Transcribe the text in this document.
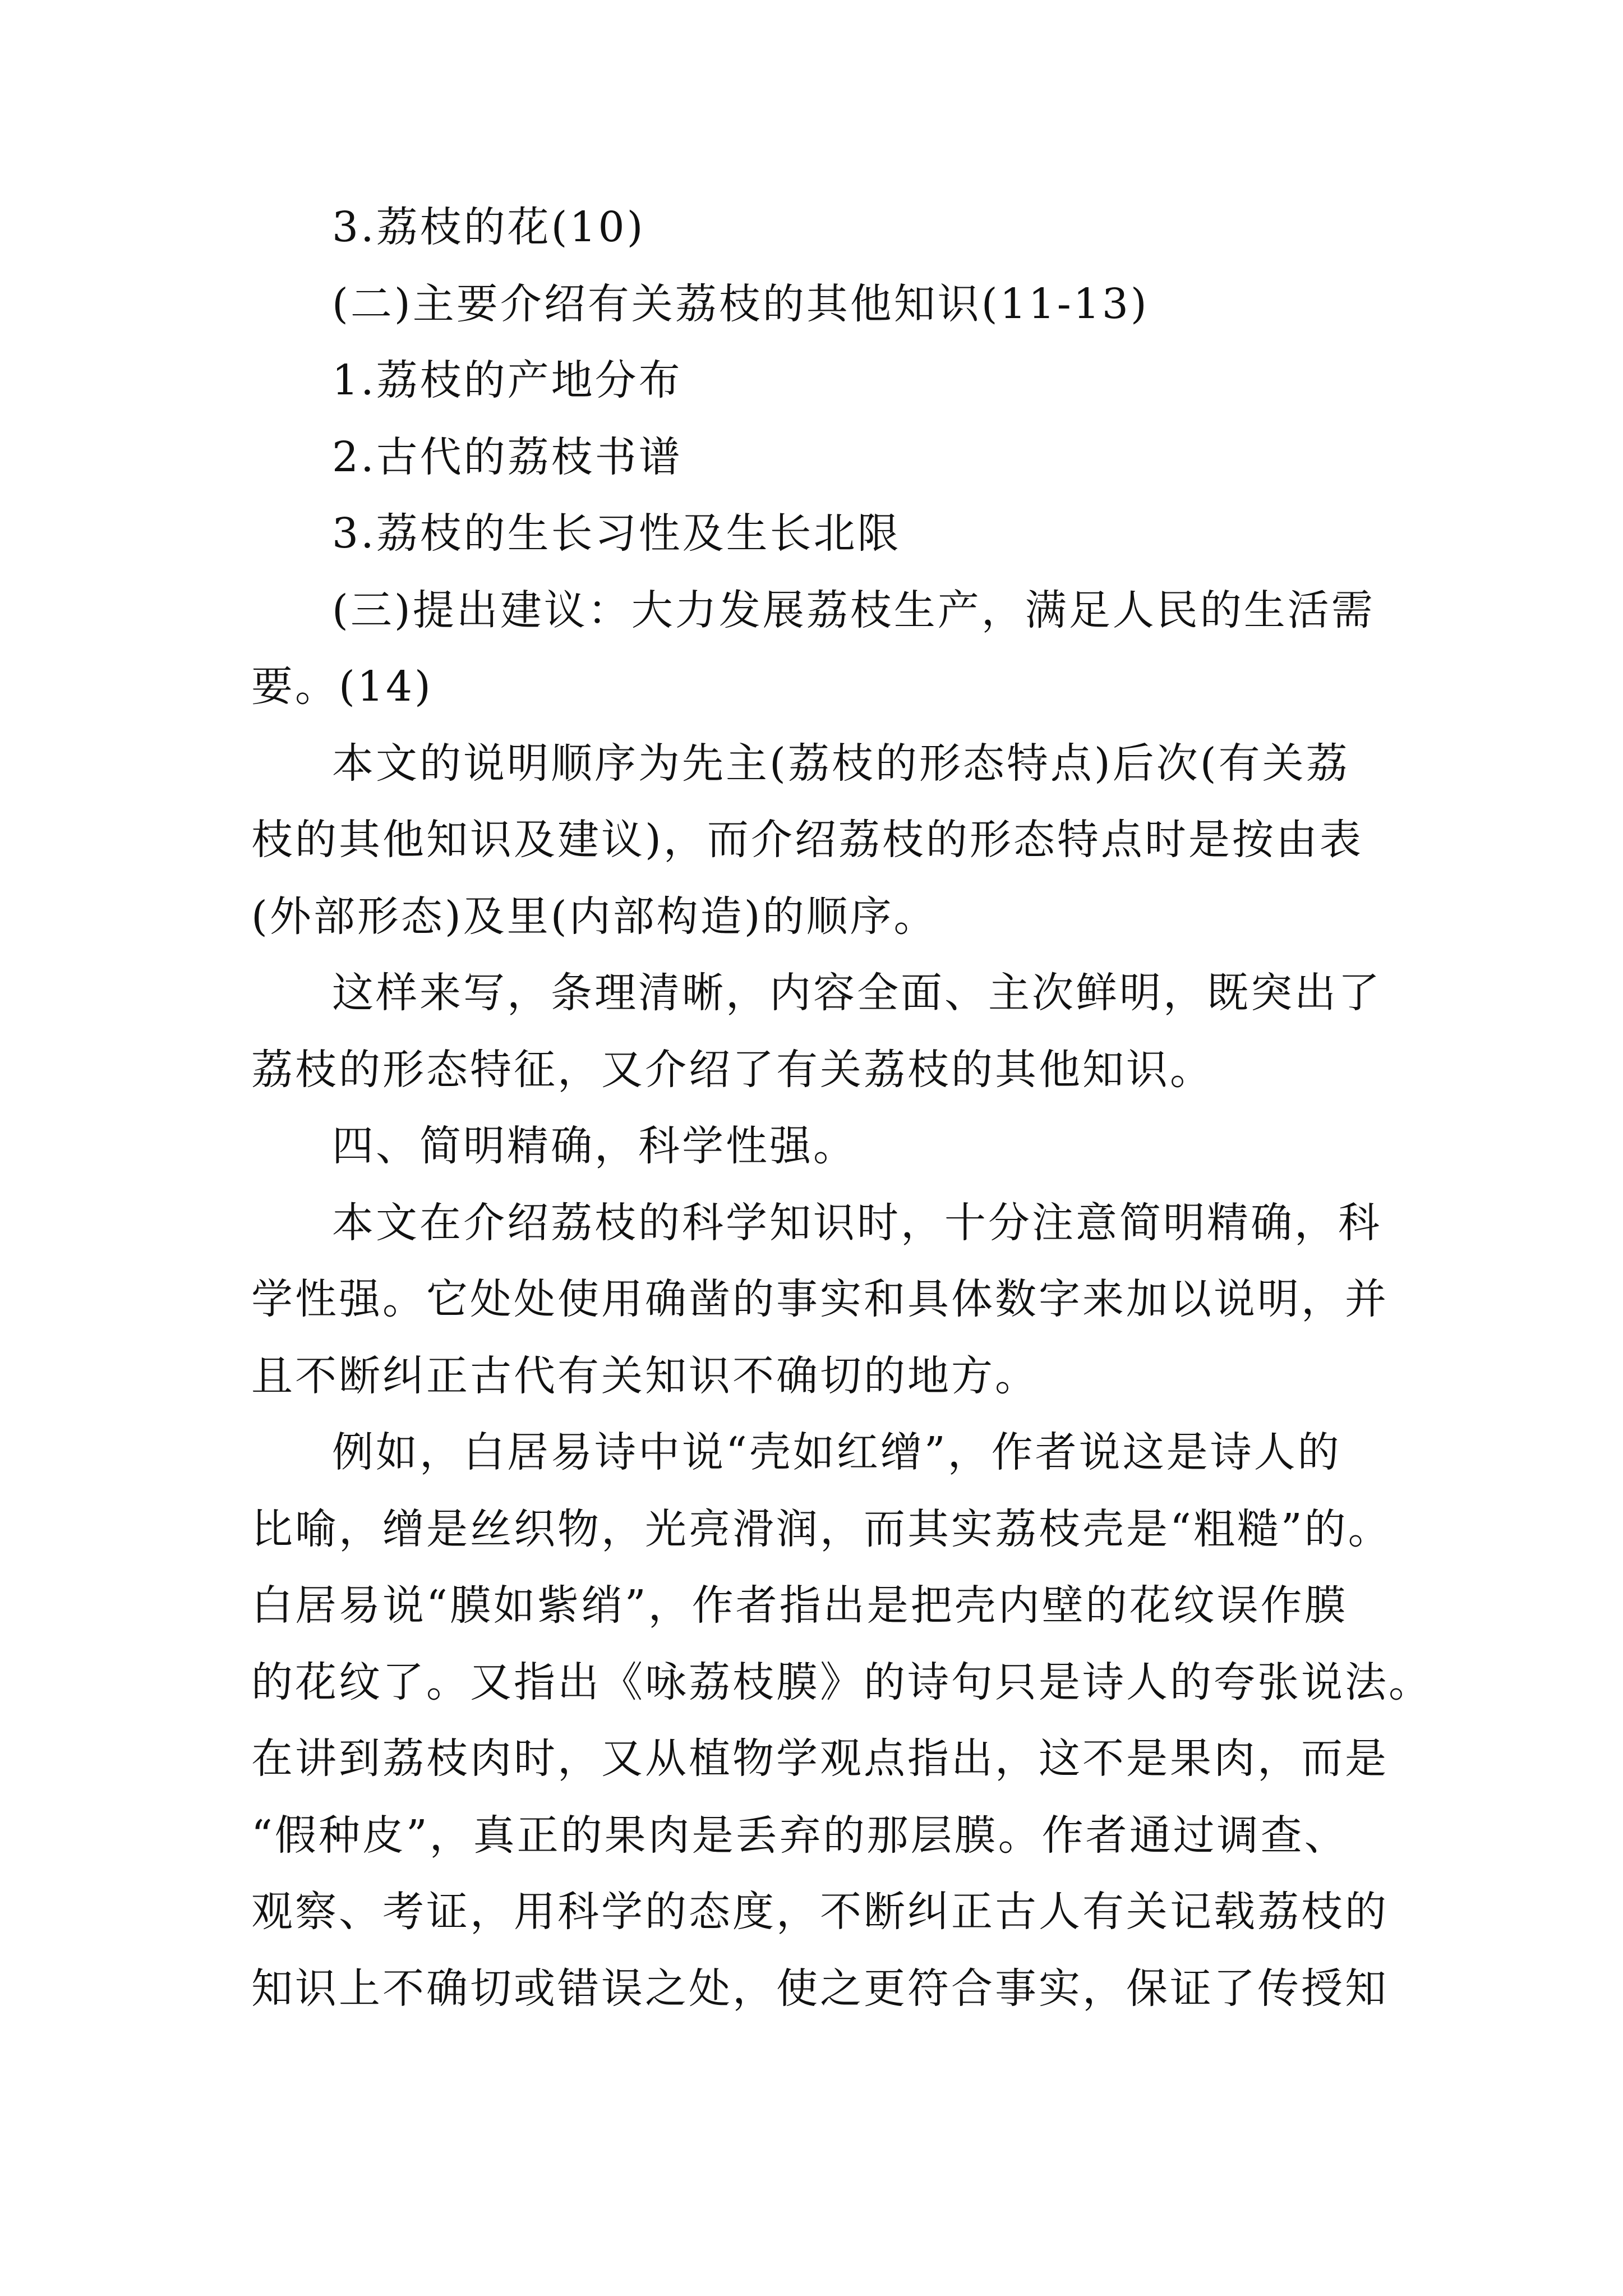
3.荔枝的花(10)
(二)主要介绍有关荔枝的其他知识(11-13)
1.荔枝的产地分布
2.古代的荔枝书谱
3.荔枝的生长习性及生长北限
(三)提出建议：大力发展荔枝生产，满足人民的生活需
要。(14)
本文的说明顺序为先主(荔枝的形态特点)后次(有关荔
枝的其他知识及建议)，而介绍荔枝的形态特点时是按由表
(外部形态)及里(内部构造)的顺序。
这样来写，条理清晰，内容全面、主次鲜明，既突出了
荔枝的形态特征，又介绍了有关荔枝的其他知识。
四、简明精确，科学性强。
本文在介绍荔枝的科学知识时，十分注意简明精确，科
学性强。它处处使用确凿的事实和具体数字来加以说明，并
且不断纠正古代有关知识不确切的地方。
例如，白居易诗中说“壳如红缯”，作者说这是诗人的
比喻，缯是丝织物，光亮滑润，而其实荔枝壳是“粗糙”的。
白居易说“膜如紫绡”，作者指出是把壳内壁的花纹误作膜
的花纹了。又指出《咏荔枝膜》的诗句只是诗人的夸张说法。
在讲到荔枝肉时，又从植物学观点指出，这不是果肉，而是
“假种皮”，真正的果肉是丢弃的那层膜。作者通过调查、
观察、考证，用科学的态度，不断纠正古人有关记载荔枝的
知识上不确切或错误之处，使之更符合事实，保证了传授知
